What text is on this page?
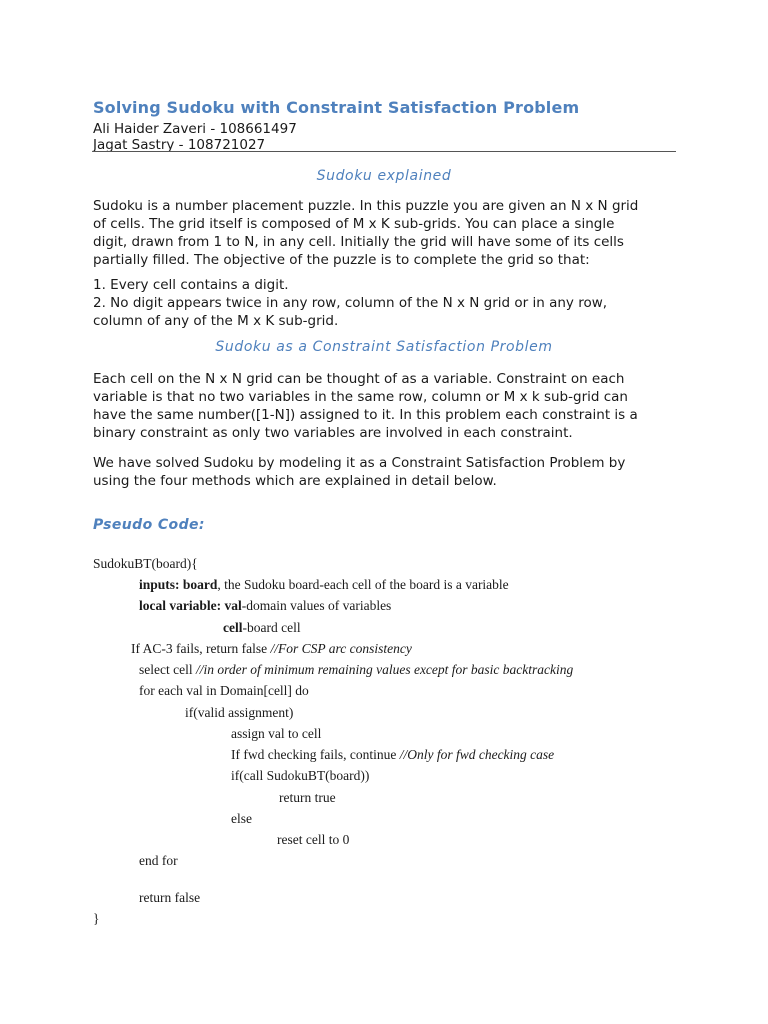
Solving Sudoku with Constraint Satisfaction Problem
Ali Haider Zaveri - 108661497
Jagat Sastry - 108721027
Sudoku explained

Sudoku is a number placement puzzle. In this puzzle you are given an N x N grid

of cells. The grid itself is composed of M x K sub-grids. You can place a single

digit, drawn from 1 to N, in any cell. Initially the grid will have some of its cells

partially filled. The objective of the puzzle is to complete the grid so that:

1. Every cell contains a digit.

2. No digit appears twice in any row, column of the N x N grid or in any row,

column of any of the M x K sub-grid.

Sudoku as a Constraint Satisfaction Problem

Each cell on the N x N grid can be thought of as a variable. Constraint on each

variable is that no two variables in the same row, column or M x k sub-grid can

have the same number([1-N]) assigned to it. In this problem each constraint is a

binary constraint as only two variables are involved in each constraint.

We have solved Sudoku by modeling it as a Constraint Satisfaction Problem by

using the four methods which are explained in detail below.

Pseudo Code:
SudokuBT(board){
inputs: board, the Sudoku board-each cell of the board is a variable
local variable: val-domain values of variables
cell-board cell
If AC-3 fails, return false //For CSP arc consistency
select cell //in order of minimum remaining values except for basic backtracking
for each val in Domain[cell] do
if(valid assignment)
assign val to cell
If fwd checking fails, continue //Only for fwd checking case
if(call SudokuBT(board))
return true
else
reset cell to 0
end for
return false
}
